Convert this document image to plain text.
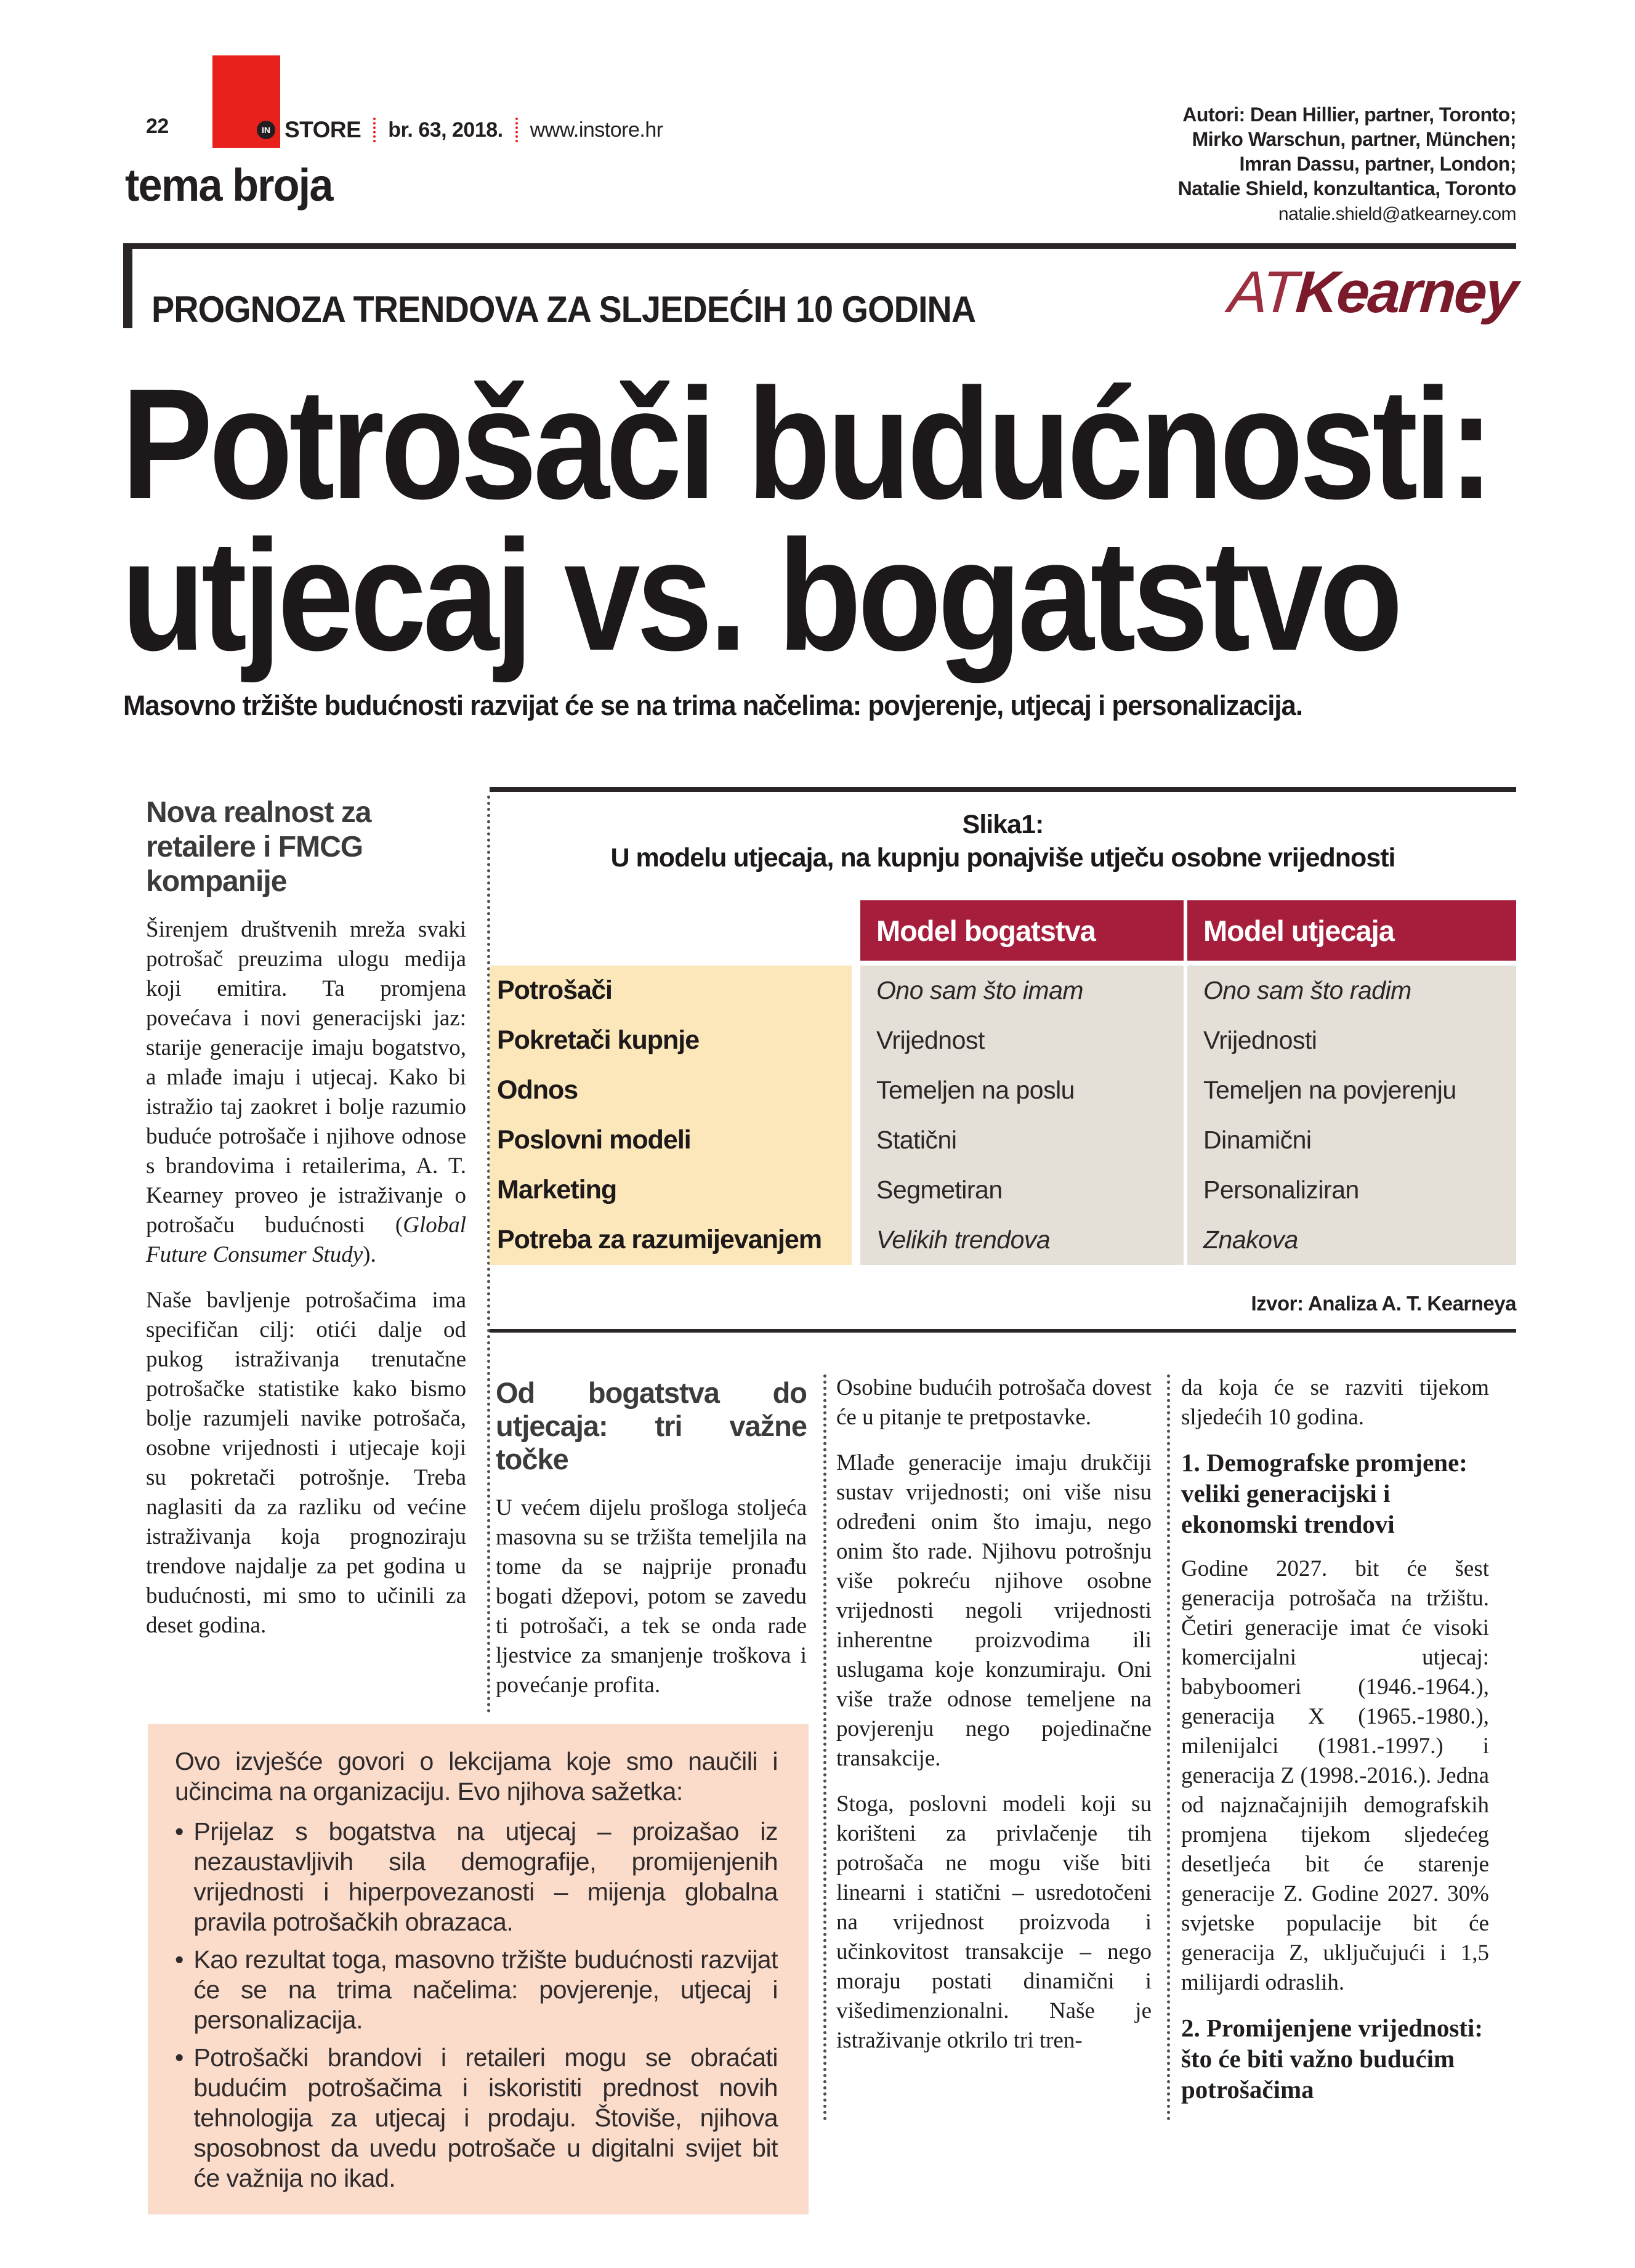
22	IN STORE br. 63, 2018. www.instore.hr
tema broja
Autori: Dean Hillier, partner, Toronto;
Mirko Warschun, partner, München;
Imran Dassu, partner, London;
Natalie Shield, konzultantica, Toronto
natalie.shield@atkearney.com
PROGNOZA TRENDOVA ZA SLJEDEĆIH 10 GODINA	ATKearney
Potrošači budućnosti:
utjecaj vs. bogatstvo
Masovno tržište budućnosti razvijat će se na trima načelima: povjerenje, utjecaj i personalizacija.
Nova realnost za retailere i FMCG kompanije

Širenjem društvenih mreža svaki potrošač preuzima ulogu medija koji emitira. Ta promjena povećava i novi generacijski jaz: starije generacije imaju bogatstvo, a mlađe imaju i utjecaj. Kako bi istražio taj zaokret i bolje razumio buduće potrošače i njihove odnose s brandovima i retailerima, A. T. Kearney proveo je istraživanje o potrošaču budućnosti (Global Future Consumer Study).

Naše bavljenje potrošačima ima specifičan cilj: otići dalje od pukog istraživanja trenutačne potrošačke statistike kako bismo bolje razumjeli navike potrošača, osobne vrijednosti i utjecaje koji su pokretači potrošnje. Treba naglasiti da za razliku od većine istraživanja koja prognoziraju trendove najdalje za pet godina u budućnosti, mi smo to učinili za deset godina.

Slika1:
U modelu utjecaja, na kupnju ponajviše utječu osobne vrijednosti
Model bogatstva	Model utjecaja
Potrošači	Ono sam što imam	Ono sam što radim
Pokretači kupnje	Vrijednost	Vrijednosti
Odnos	Temeljen na poslu	Temeljen na povjerenju
Poslovni modeli	Statični	Dinamični
Marketing	Segmetiran	Personaliziran
Potreba za razumijevanjem	Velikih trendova	Znakova
Izvor: Analiza A. T. Kearneya
Od bogatstva do utjecaja: tri važne točke

U većem dijelu prošloga stoljeća masovna su se tržišta temeljila na tome da se najprije pronađu bogati džepovi, potom se zavedu ti potrošači, a tek se onda rade ljestvice za smanjenje troškova i povećanje profita.

Osobine budućih potrošača dovest će u pitanje te pretpostavke.

Mlađe generacije imaju drukčiji sustav vrijednosti; oni više nisu određeni onim što imaju, nego onim što rade. Njihovu potrošnju više pokreću njihove osobne vrijednosti negoli vrijednosti inherentne proizvodima ili uslugama koje konzumiraju. Oni više traže odnose temeljene na povjerenju nego pojedinačne transakcije.

Stoga, poslovni modeli koji su korišteni za privlačenje tih potrošača ne mogu više biti linearni i statični – usredotočeni na vrijednost proizvoda i učinkovitost transakcije – nego moraju postati dinamični i višedimenzionalni. Naše je istraživanje otkrilo tri tren-

da koja će se razviti tijekom sljedećih 10 godina.

1. Demografske promjene: veliki generacijski i ekonomski trendovi

Godine 2027. bit će šest generacija potrošača na tržištu. Četiri generacije imat će visoki komercijalni utjecaj: babyboomeri (1946.-1964.), generacija X (1965.-1980.), milenijalci (1981.-1997.) i generacija Z (1998.-2016.). Jedna od najznačajnijih demografskih promjena tijekom sljedećeg desetljeća bit će starenje generacije Z. Godine 2027. 30% svjetske populacije bit će generacija Z, uključujući i 1,5 milijardi odraslih.

2. Promijenjene vrijednosti: što će biti važno budućim potrošačima
Ovo izvješće govori o lekcijama koje smo naučili i učincima na organizaciju. Evo njihova sažetka:
• Prijelaz s bogatstva na utjecaj – proizašao iz nezaustavljivih sila demografije, promijenjenih vrijednosti i hiperpovezanosti – mijenja globalna pravila potrošačkih obrazaca.
• Kao rezultat toga, masovno tržište budućnosti razvijat će se na trima načelima: povjerenje, utjecaj i personalizacija.
• Potrošački brandovi i retaileri mogu se obraćati budućim potrošačima i iskoristiti prednost novih tehnologija za utjecaj i prodaju. Štoviše, njihova sposobnost da uvedu potrošače u digitalni svijet bit će važnija no ikad.
